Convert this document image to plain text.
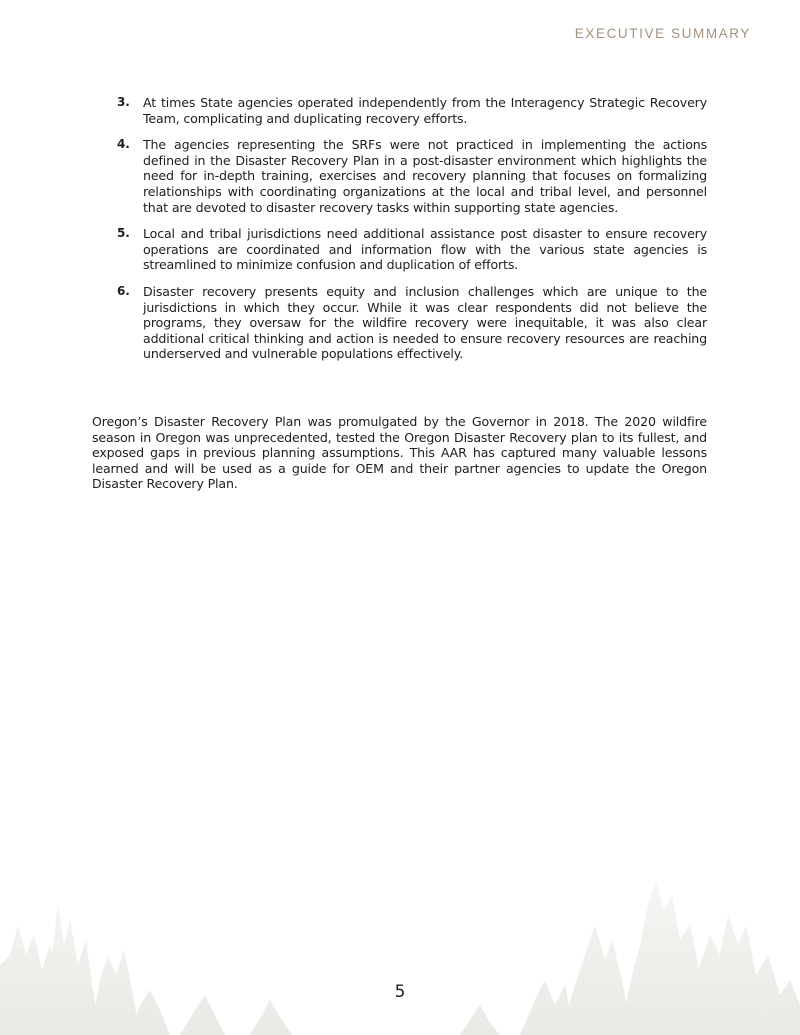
EXECUTIVE SUMMARY
3. At times State agencies operated independently from the Interagency Strategic Recovery Team, complicating and duplicating recovery efforts.
4. The agencies representing the SRFs were not practiced in implementing the actions defined in the Disaster Recovery Plan in a post-disaster environment which highlights the need for in-depth training, exercises and recovery planning that focuses on formalizing relationships with coordinating organizations at the local and tribal level, and personnel that are devoted to disaster recovery tasks within supporting state agencies.
5. Local and tribal jurisdictions need additional assistance post disaster to ensure recovery operations are coordinated and information flow with the various state agencies is streamlined to minimize confusion and duplication of efforts.
6. Disaster recovery presents equity and inclusion challenges which are unique to the jurisdictions in which they occur. While it was clear respondents did not believe the programs, they oversaw for the wildfire recovery were inequitable, it was also clear additional critical thinking and action is needed to ensure recovery resources are reaching underserved and vulnerable populations effectively.

Oregon’s Disaster Recovery Plan was promulgated by the Governor in 2018. The 2020 wildfire season in Oregon was unprecedented, tested the Oregon Disaster Recovery plan to its fullest, and exposed gaps in previous planning assumptions. This AAR has captured many valuable lessons learned and will be used as a guide for OEM and their partner agencies to update the Oregon Disaster Recovery Plan.

5
